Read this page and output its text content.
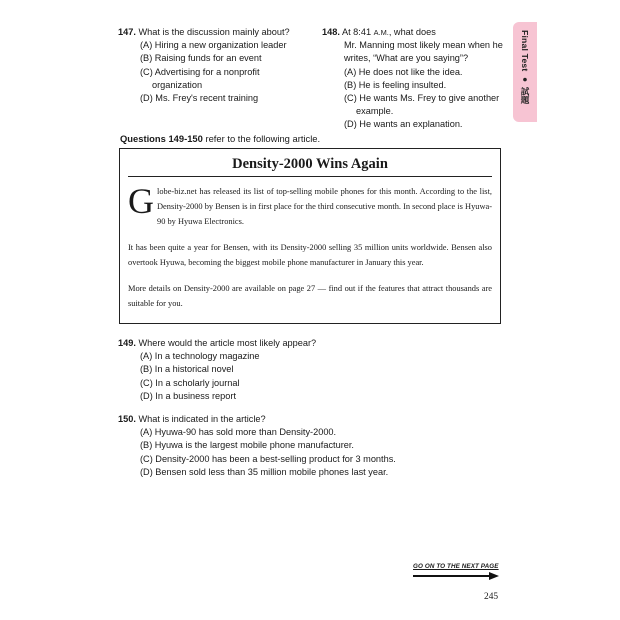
Final Test ● 試題
147. What is the discussion mainly about?
(A) Hiring a new organization leader
(B) Raising funds for an event
(C) Advertising for a nonprofit
organization
(D) Ms. Frey's recent training
148. At 8:41 A.M., what does
Mr. Manning most likely mean when he
writes, “What are you saying”?
(A) He does not like the idea.
(B) He is feeling insulted.
(C) He wants Ms. Frey to give another
example.
(D) He wants an explanation.
Questions 149-150 refer to the following article.
Density-2000 Wins Again

Globe-biz.net has released its list of top-selling mobile phones for this month. According to the list, Density-2000 by Bensen is in first place for the third consecutive month. In second place is Hyuwa-90 by Hyuwa Electronics.

It has been quite a year for Bensen, with its Density-2000 selling 35 million units worldwide. Bensen also overtook Hyuwa, becoming the biggest mobile phone manufacturer in January this year.

More details on Density-2000 are available on page 27 — find out if the features that attract thousands are suitable for you.

149. Where would the article most likely appear?
(A) In a technology magazine
(B) In a historical novel
(C) In a scholarly journal
(D) In a business report
150. What is indicated in the article?
(A) Hyuwa-90 has sold more than Density-2000.
(B) Hyuwa is the largest mobile phone manufacturer.
(C) Density-2000 has been a best-selling product for 3 months.
(D) Bensen sold less than 35 million mobile phones last year.
GO ON TO THE NEXT PAGE
245
